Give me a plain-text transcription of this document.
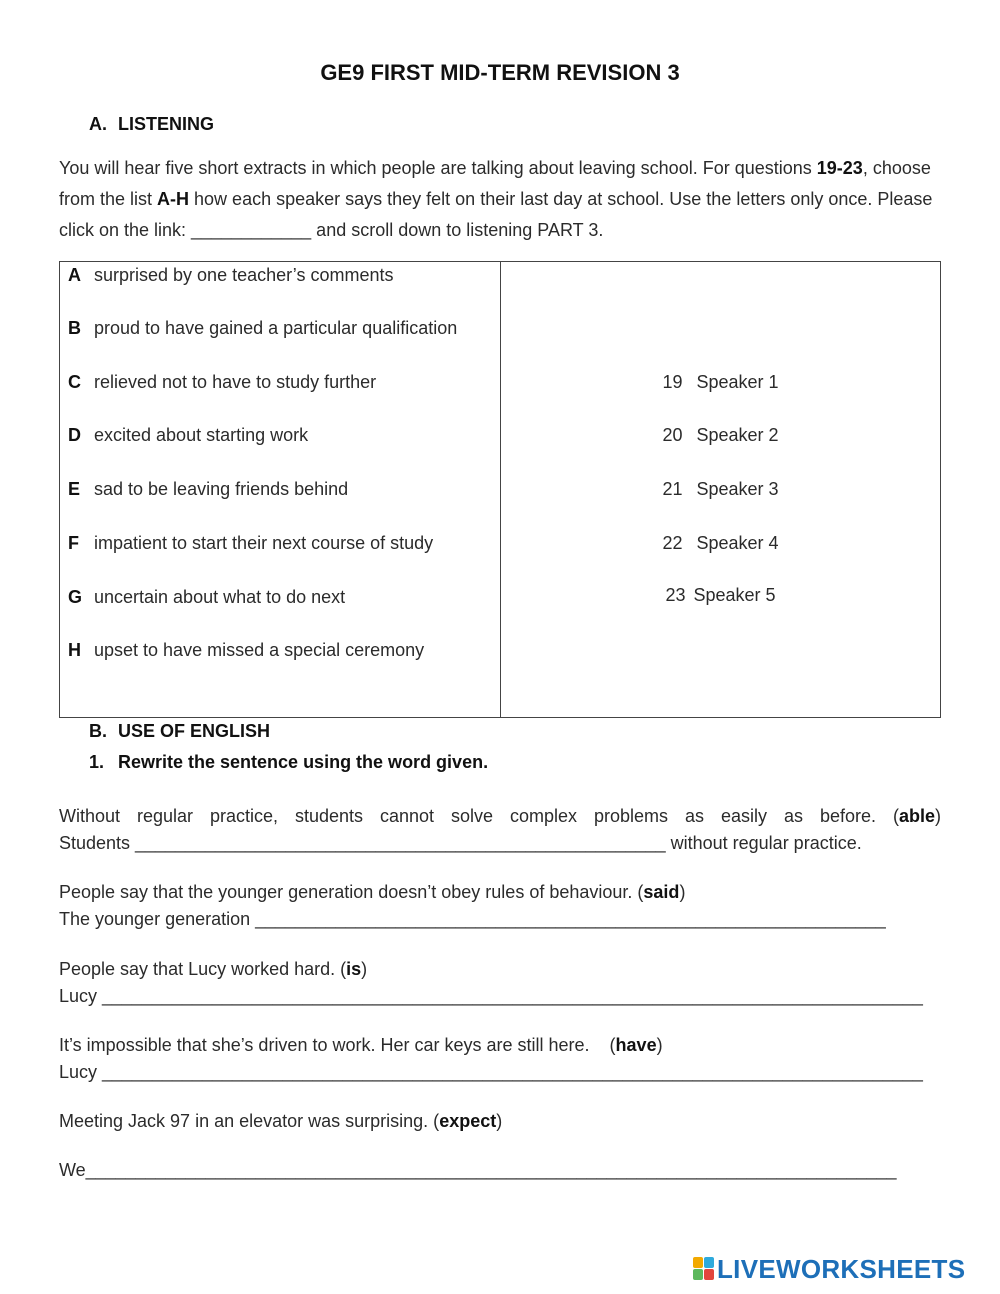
GE9 FIRST MID-TERM REVISION 3
A. LISTENING
You will hear five short extracts in which people are talking about leaving school. For questions 19-23, choose from the list A-H how each speaker says they felt on their last day at school. Use the letters only once. Please click on the link: ____________ and scroll down to listening PART 3.
A surprised by one teacher’s comments
B proud to have gained a particular qualification
C relieved not to have to study further
D excited about starting work
E sad to be leaving friends behind
F impatient to start their next course of study
G uncertain about what to do next
H upset to have missed a special ceremony
19 Speaker 1
20 Speaker 2
21 Speaker 3
22 Speaker 4
23 Speaker 5
B. USE OF ENGLISH
1. Rewrite the sentence using the word given.
Without regular practice, students cannot solve complex problems as easily as before. (able)
Students _____________________________________________________ without regular practice.
People say that the younger generation doesn’t obey rules of behaviour. (said)
The younger generation _______________________________________________________________
People say that Lucy worked hard. (is)
Lucy __________________________________________________________________________________
It’s impossible that she’s driven to work. Her car keys are still here.    (have)
Lucy __________________________________________________________________________________
Meeting Jack 97 in an elevator was surprising. (expect)
We_________________________________________________________________________________
LIVEWORKSHEETS
